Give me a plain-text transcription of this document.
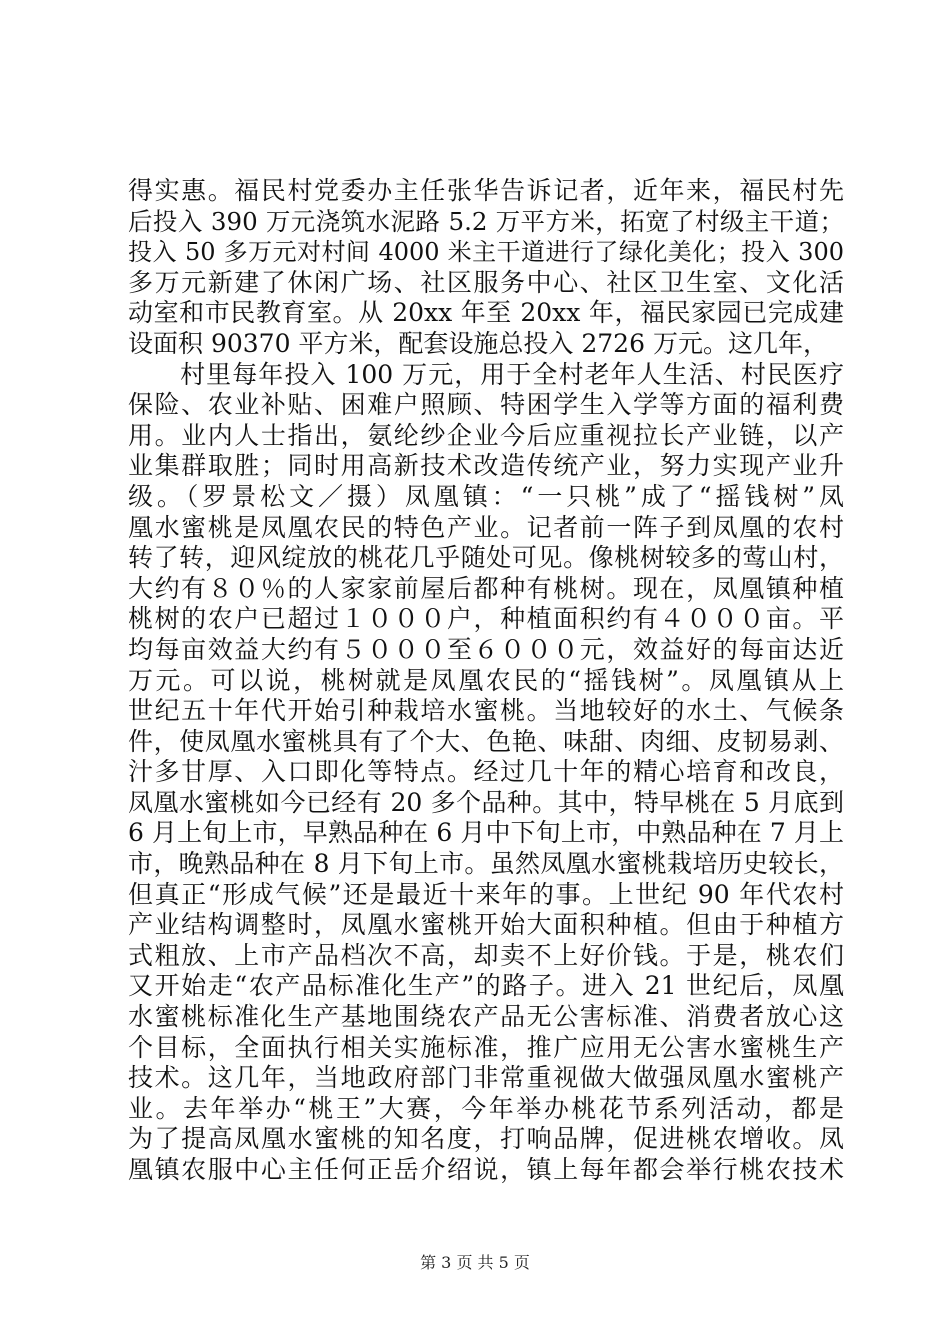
得实惠。福民村党委办主任张华告诉记者，近年来，福民村先
后投入 390 万元浇筑水泥路 5.2 万平方米，拓宽了村级主干道；
投入 50 多万元对村间 4000 米主干道进行了绿化美化；投入 300
多万元新建了休闲广场、社区服务中心、社区卫生室、文化活
动室和市民教育室。从 20xx 年至 20xx 年，福民家园已完成建
设面积 90370 平方米，配套设施总投入 2726 万元。这几年，
　　村里每年投入 100 万元，用于全村老年人生活、村民医疗
保险、农业补贴、困难户照顾、特困学生入学等方面的福利费
用。业内人士指出，氨纶纱企业今后应重视拉长产业链，以产
业集群取胜；同时用高新技术改造传统产业，努力实现产业升
级。（罗景松文／摄）凤凰镇：“一只桃”成了“摇钱树”凤
凰水蜜桃是凤凰农民的特色产业。记者前一阵子到凤凰的农村
转了转，迎风绽放的桃花几乎随处可见。像桃树较多的莺山村，
大约有８０％的人家家前屋后都种有桃树。现在，凤凰镇种植
桃树的农户已超过１０００户，种植面积约有４０００亩。平
均每亩效益大约有５０００至６０００元，效益好的每亩达近
万元。可以说，桃树就是凤凰农民的“摇钱树”。凤凰镇从上
世纪五十年代开始引种栽培水蜜桃。当地较好的水土、气候条
件，使凤凰水蜜桃具有了个大、色艳、味甜、肉细、皮韧易剥、
汁多甘厚、入口即化等特点。经过几十年的精心培育和改良，
凤凰水蜜桃如今已经有 20 多个品种。其中，特早桃在 5 月底到
6 月上旬上市，早熟品种在 6 月中下旬上市，中熟品种在 7 月上
市，晚熟品种在 8 月下旬上市。虽然凤凰水蜜桃栽培历史较长，
但真正“形成气候”还是最近十来年的事。上世纪 90 年代农村
产业结构调整时，凤凰水蜜桃开始大面积种植。但由于种植方
式粗放、上市产品档次不高，却卖不上好价钱。于是，桃农们
又开始走“农产品标准化生产”的路子。进入 21 世纪后，凤凰
水蜜桃标准化生产基地围绕农产品无公害标准、消费者放心这
个目标，全面执行相关实施标准，推广应用无公害水蜜桃生产
技术。这几年，当地政府部门非常重视做大做强凤凰水蜜桃产
业。去年举办“桃王”大赛，今年举办桃花节系列活动，都是
为了提高凤凰水蜜桃的知名度，打响品牌，促进桃农增收。凤
凰镇农服中心主任何正岳介绍说，镇上每年都会举行桃农技术
第 3 页 共 5 页
